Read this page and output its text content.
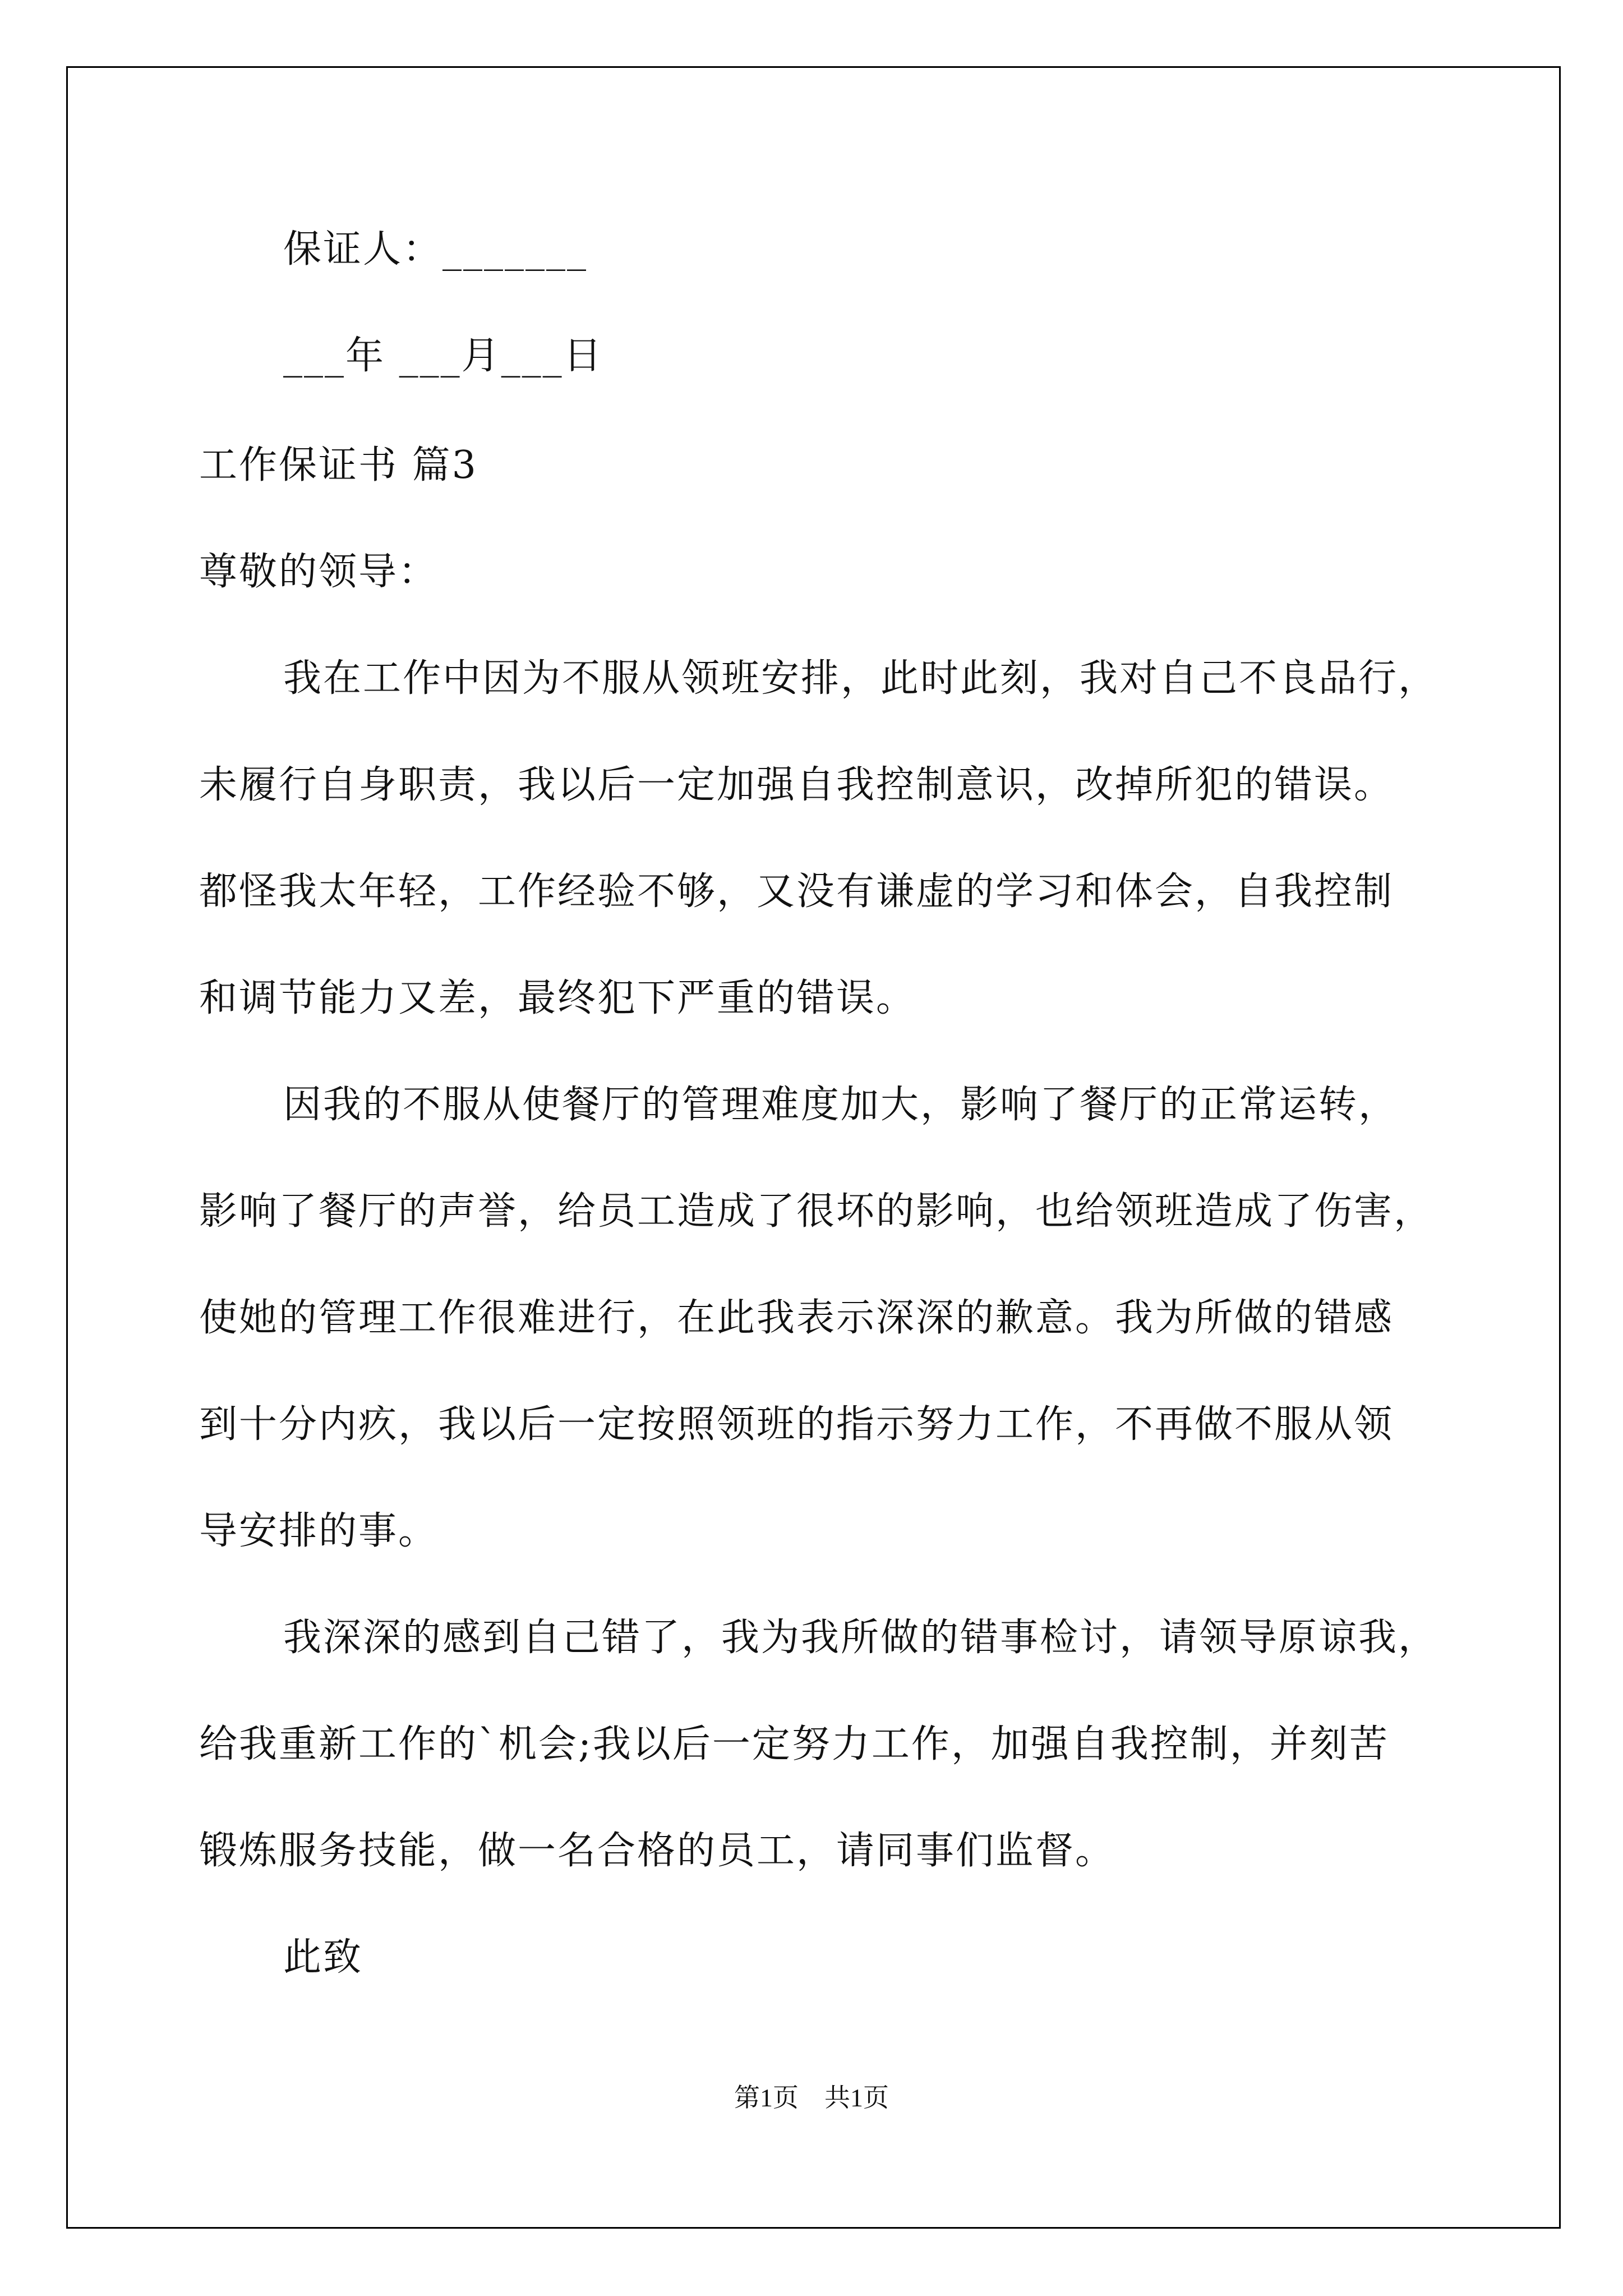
保证人：_______
___年 ___月___日
工作保证书 篇3
尊敬的领导：
我在工作中因为不服从领班安排，此时此刻，我对自己不良品行，
未履行自身职责，我以后一定加强自我控制意识，改掉所犯的错误。
都怪我太年轻，工作经验不够，又没有谦虚的学习和体会，自我控制
和调节能力又差，最终犯下严重的错误。
因我的不服从使餐厅的管理难度加大，影响了餐厅的正常运转，
影响了餐厅的声誉，给员工造成了很坏的影响，也给领班造成了伤害，
使她的管理工作很难进行，在此我表示深深的歉意。我为所做的错感
到十分内疚，我以后一定按照领班的指示努力工作，不再做不服从领
导安排的事。
我深深的感到自己错了，我为我所做的错事检讨，请领导原谅我，
给我重新工作的`机会;我以后一定努力工作，加强自我控制，并刻苦
锻炼服务技能，做一名合格的员工，请同事们监督。
此致
第1页　共1页
